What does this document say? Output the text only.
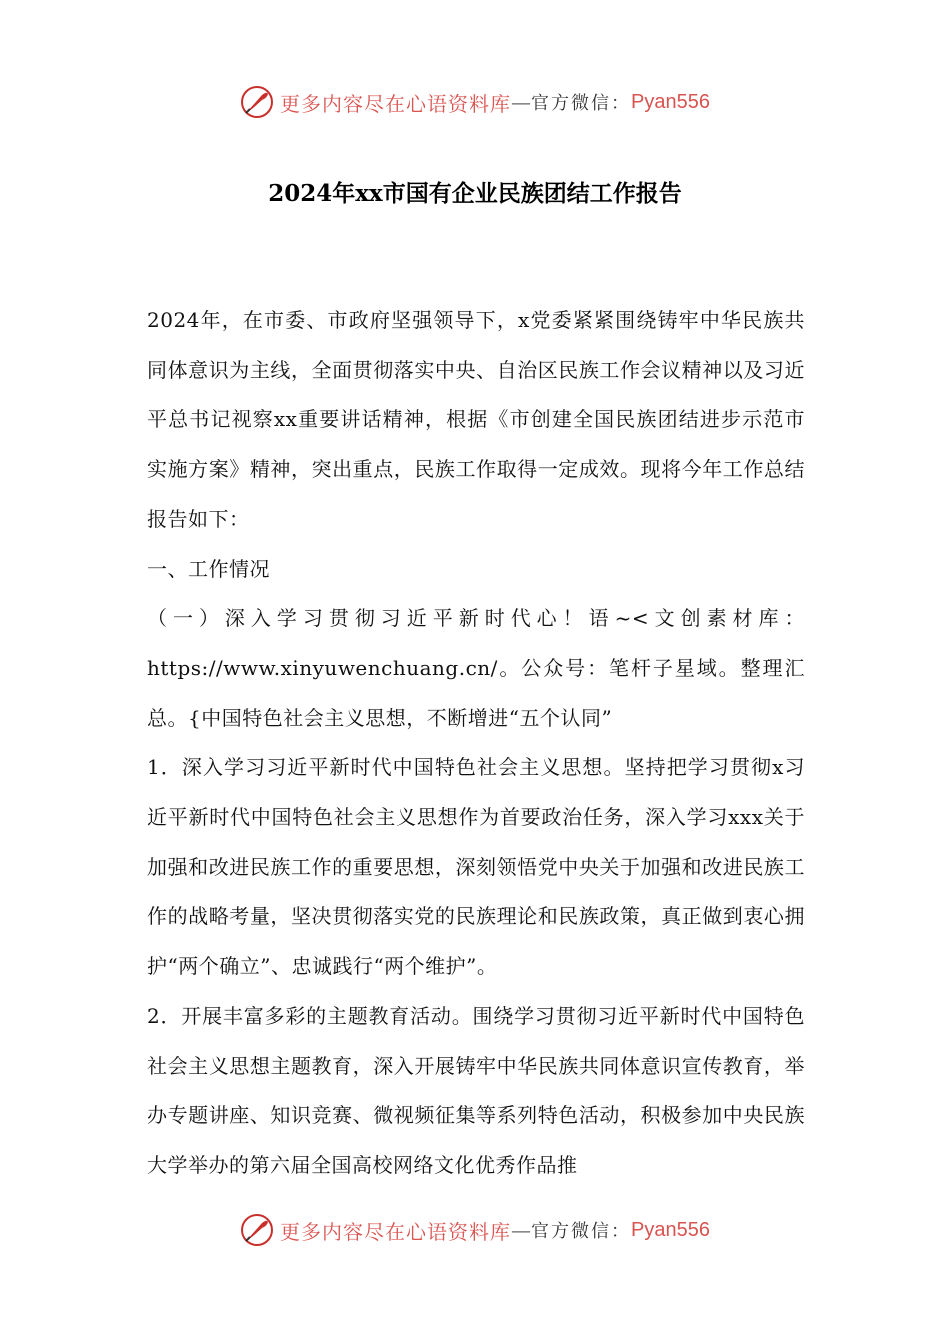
更多内容尽在心语资料库 — 官方微信： Pyan556
2024年xx市国有企业民族团结工作报告

2024年，在市委、市政府坚强领导下，x党委紧紧围绕铸牢中华民族共同体意识为主线，全面贯彻落实中央、自治区民族工作会议精神以及习近平总书记视察xx重要讲话精神，根据《市创建全国民族团结进步示范市实施方案》精神，突出重点，民族工作取得一定成效。现将今年工作总结报告如下：

一、工作情况

（一）深入学习贯彻习近平新时代心！语~<文创素材库：https://www.xinyuwenchuang.cn/。公众号：笔杆子星域。整理汇总。{中国特色社会主义思想，不断增进“五个认同”

1．深入学习习近平新时代中国特色社会主义思想。坚持把学习贯彻x习近平新时代中国特色社会主义思想作为首要政治任务，深入学习xxx关于加强和改进民族工作的重要思想，深刻领悟党中央关于加强和改进民族工作的战略考量，坚决贯彻落实党的民族理论和民族政策，真正做到衷心拥护“两个确立”、忠诚践行“两个维护”。

2．开展丰富多彩的主题教育活动。围绕学习贯彻习近平新时代中国特色社会主义思想主题教育，深入开展铸牢中华民族共同体意识宣传教育，举办专题讲座、知识竞赛、微视频征集等系列特色活动，积极参加中央民族大学举办的第六届全国高校网络文化优秀作品推

更多内容尽在心语资料库 — 官方微信： Pyan556
